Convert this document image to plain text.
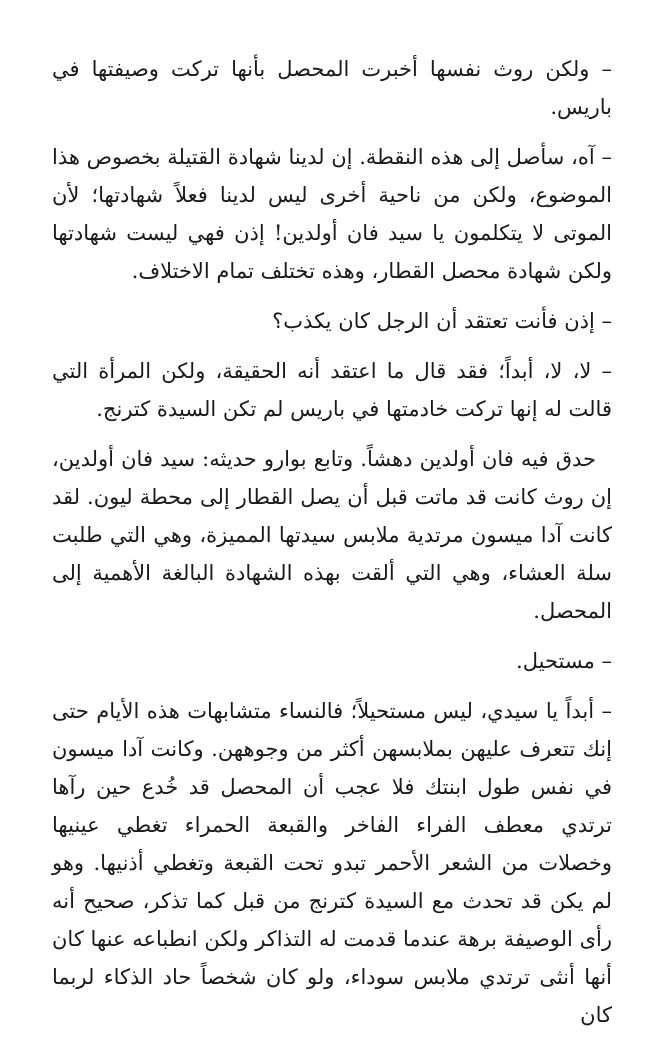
– ولكن روث نفسها أخبرت المحصل بأنها تركت وصيفتها في باريس.

– آه، سأصل إلى هذه النقطة. إن لدينا شهادة القتيلة بخصوص هذا الموضوع، ولكن من ناحية أخرى ليس لدينا فعلاً شهادتها؛ لأن الموتى لا يتكلمون يا سيد فان أولدين! إذن فهي ليست شهادتها ولكن شهادة محصل القطار، وهذه تختلف تمام الاختلاف.

– إذن فأنت تعتقد أن الرجل كان يكذب؟

– لا، لا، أبداً؛ فقد قال ما اعتقد أنه الحقيقة، ولكن المرأة التي قالت له إنها تركت خادمتها في باريس لم تكن السيدة كترنج.

حدق فيه فان أولدين دهشاً. وتابع بوارو حديثه: سيد فان أولدين، إن روث كانت قد ماتت قبل أن يصل القطار إلى محطة ليون. لقد كانت آدا ميسون مرتدية ملابس سيدتها المميزة، وهي التي طلبت سلة العشاء، وهي التي ألقت بهذه الشهادة البالغة الأهمية إلى المحصل.

– مستحيل.

– أبداً يا سيدي، ليس مستحيلاً؛ فالنساء متشابهات هذه الأيام حتى إنك تتعرف عليهن بملابسهن أكثر من وجوههن. وكانت آدا ميسون في نفس طول ابنتك فلا عجب أن المحصل قد خُدع حين رآها ترتدي معطف الفراء الفاخر والقبعة الحمراء تغطي عينيها وخصلات من الشعر الأحمر تبدو تحت القبعة وتغطي أذنيها. وهو لم يكن قد تحدث مع السيدة كترنج من قبل كما تذكر، صحيح أنه رأى الوصيفة برهة عندما قدمت له التذاكر ولكن انطباعه عنها كان أنها أنثى ترتدي ملابس سوداء، ولو كان شخصاً حاد الذكاء لربما كان
